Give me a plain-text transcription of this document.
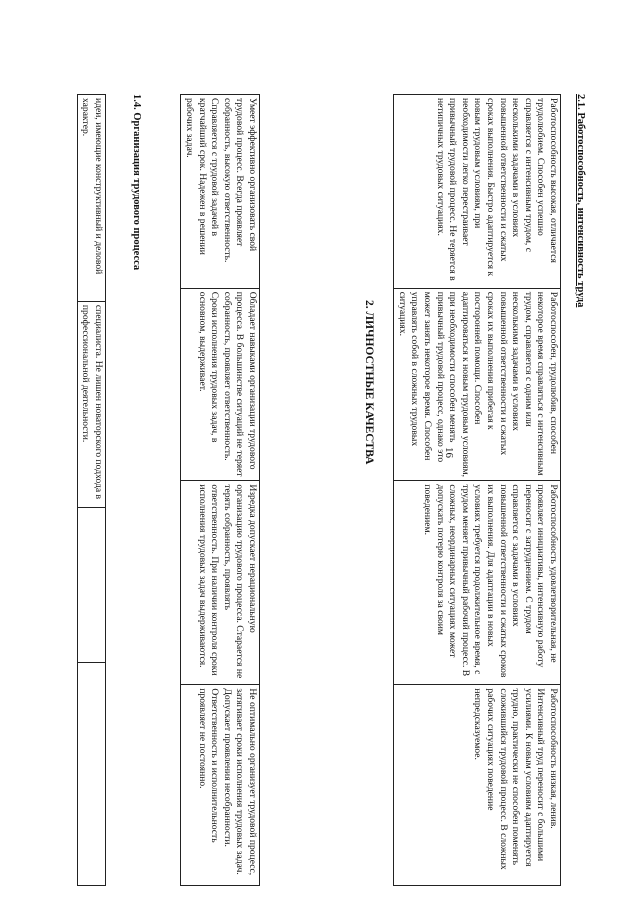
16
идеи, имеющие конструктивный и деловой характер.	специалиста. Не лишен новаторского подхода в профессиональной деятельности.		
1.4. Организация трудового процесса	Умеет эффективно организовать свой трудовой процесс. Всегда проявляет собранность, высокую ответственность. Справляется с трудовой задачей в кратчайший срок. Надежен в решении рабочих задач.	Обладает навыками организации трудового процесса. В большинстве ситуаций не теряет собранность, проявляет ответственность. Сроки исполнения трудовых задач, в основном, выдерживает.	Изредка допускает нерациональную организацию трудового процесса. Старается не терять собранность, проявлять ответственность. При наличии контроля сроки исполнения трудовых задач выдерживаются.	Не оптимально организует трудовой процесс, затягивает сроки исполнения трудовых задач. Допускает проявления несобранности. Ответственность и исполнительность проявляет не постоянно.
2. ЛИЧНОСТНЫЕ КАЧЕСТВА
2.1. Работоспособность, интенсивность труда
Работоспособность высокая, отличается трудолюбием. Способен успешно справляется с интенсивным трудом, с несколькими задачами в условиях повышенной ответственности и сжатых сроках выполнения. Быстро адаптируется к новым трудовым условиям, при необходимости легко перестраивает привычный трудовой процесс. Не теряется в нетипичных трудовых ситуациях.	Работоспособен, трудолюбив, способен некоторое время справляться с интенсивным трудом, справляется с одним или несколькими задачами в условиях повышенной ответственности и сжатых сроках их выполнения прибегая к посторонней помощи. Способен адаптироваться к новым трудовым условиям, при необходимости способен менять привычный трудовой процесс, однако это может занять некоторое время. Способен управлять собой в сложных трудовых ситуациях.	Работоспособность удовлетворительная, не проявляет инициативы, интенсивную работу переносит с затруднением. С трудом справляется с задачами в условиях повышенной ответственности и сжатых сроков их выполнения. Для адаптации в новых условиях требуется продолжительное время, с трудом меняет привычный рабочий процесс. В сложных, неординарных ситуациях может допускать потерю контроля за своим поведением.	Работоспособность низкая, ленив. Интенсивный труд переносит с большими усилиями. К новым условиям адаптируется трудно, практически не способен поменять сложившийся трудовой процесс. В сложных рабочих ситуациях поведение непредсказуемое.
